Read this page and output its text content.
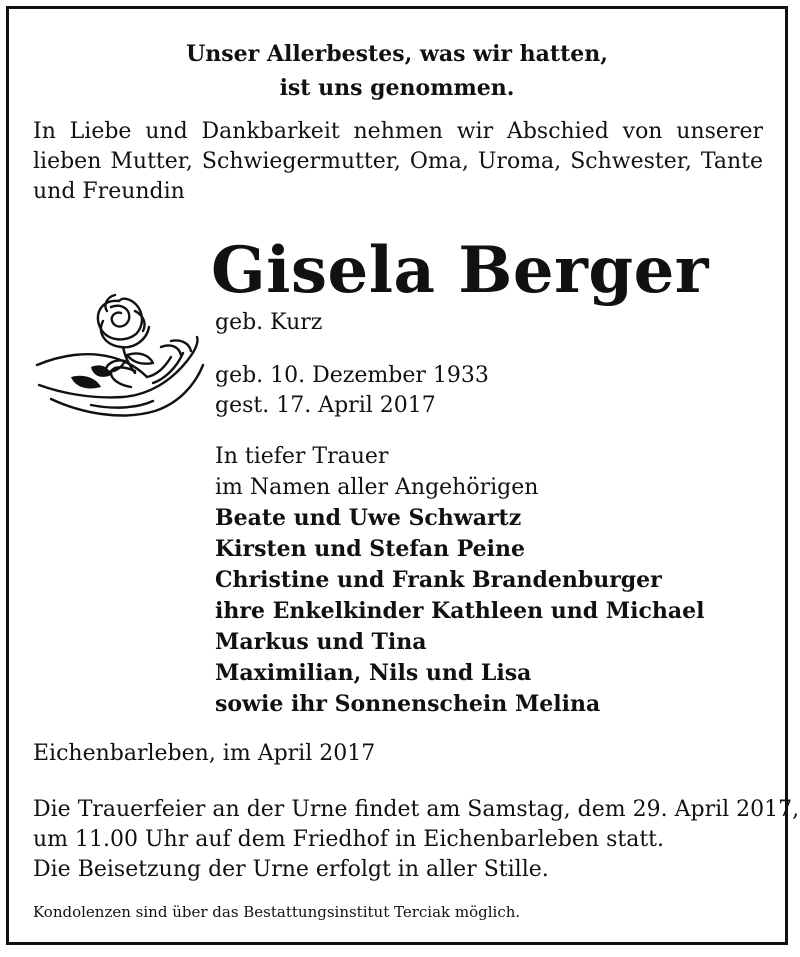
Unser Allerbestes, was wir hatten,
ist uns genommen.
In Liebe und Dankbarkeit nehmen wir Abschied von unserer lieben Mutter, Schwiegermutter, Oma, Uroma, Schwester, Tante und Freundin
Gisela Berger
geb. Kurz
geb. 10. Dezember 1933
gest. 17. April 2017
In tiefer Trauer
im Namen aller Angehörigen
Beate und Uwe Schwartz
Kirsten und Stefan Peine
Christine und Frank Brandenburger
ihre Enkelkinder Kathleen und Michael
Markus und Tina
Maximilian, Nils und Lisa
sowie ihr Sonnenschein Melina
Eichenbarleben, im April 2017
Die Trauerfeier an der Urne findet am Samstag, dem 29. April 2017,
um 11.00 Uhr auf dem Friedhof in Eichenbarleben statt.
Die Beisetzung der Urne erfolgt in aller Stille.
Kondolenzen sind über das Bestattungsinstitut Terciak möglich.
